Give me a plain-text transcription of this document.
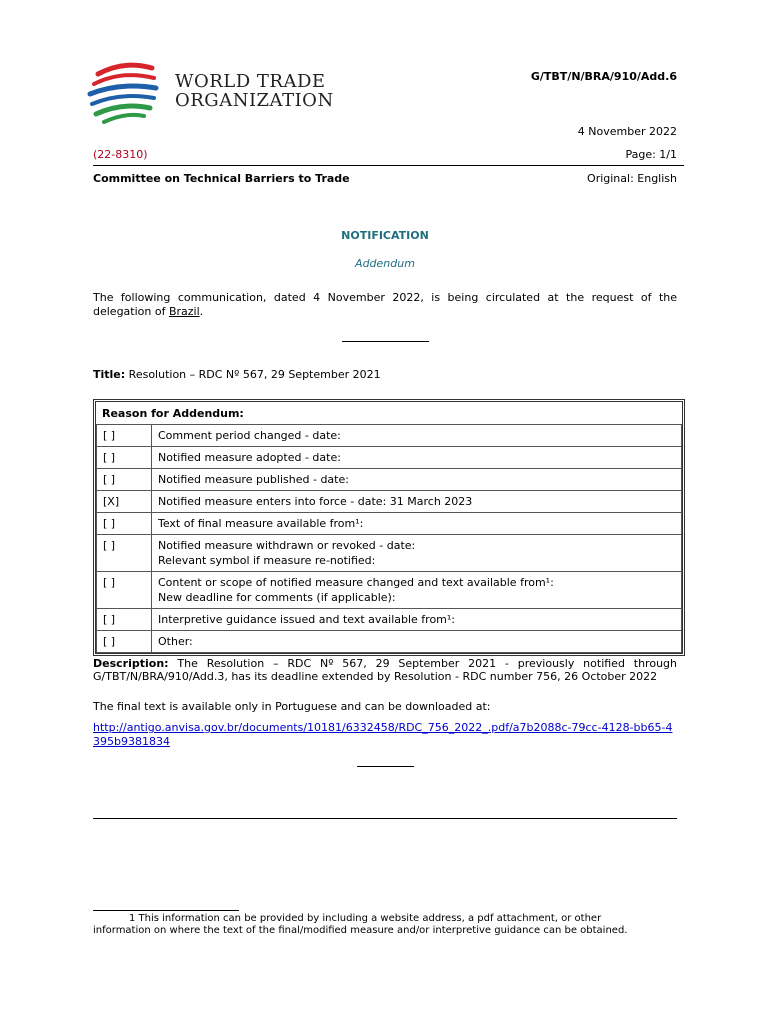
WORLD TRADE
ORGANIZATION
G/TBT/N/BRA/910/Add.6
4 November 2022
(22-8310)	Page: 1/1
Committee on Technical Barriers to Trade	Original: English
NOTIFICATION
Addendum
The following communication, dated 4 November 2022, is being circulated at the request of the delegation of Brazil.
Title: Resolution – RDC Nº 567, 29 September 2021
Reason for Addendum:
[ ]	Comment period changed - date:

[ ]	Notified measure adopted - date:

[ ]	Notified measure published - date:

[X]	Notified measure enters into force - date: 31 March 2023

[ ]	Text of final measure available from¹:

[ ]	Notified measure withdrawn or revoked - date:
Relevant symbol if measure re-notified:

[ ]	Content or scope of notified measure changed and text available from¹:
New deadline for comments (if applicable):

[ ]	Interpretive guidance issued and text available from¹:

[ ]	Other:
Description: The Resolution – RDC Nº 567, 29 September 2021 - previously notified through G/TBT/N/BRA/910/Add.3, has its deadline extended by Resolution - RDC number 756, 26 October 2022
The final text is available only in Portuguese and can be downloaded at:
http://antigo.anvisa.gov.br/documents/10181/6332458/RDC_756_2022_.pdf/a7b2088c-79cc-4128-bb65-4395b9381834
1 This information can be provided by including a website address, a pdf attachment, or other
information on where the text of the final/modified measure and/or interpretive guidance can be obtained.
